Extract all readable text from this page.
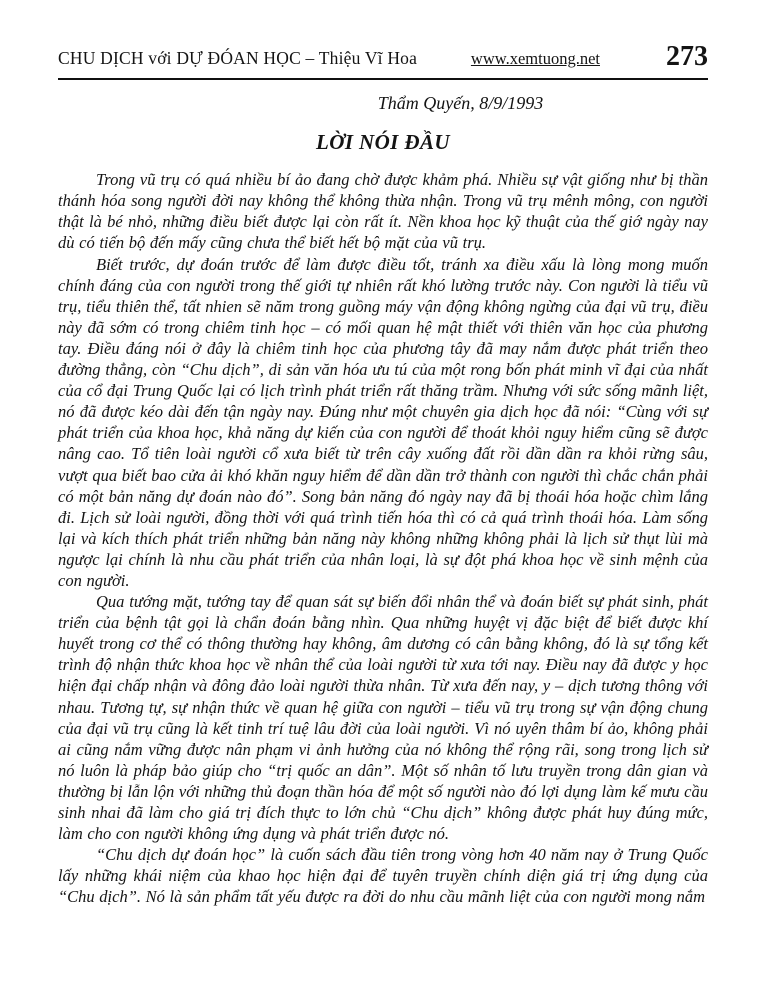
CHU DỊCH với DỰ ĐÓAN HỌC – Thiệu Vĩ Hoa	www.xemtuong.net 273
Thẩm Quyến, 8/9/1993
LỜI NÓI ĐẦU

Trong vũ trụ có quá nhiều bí ảo đang chờ được khảm phá. Nhiều sự vật giống như bị thần thánh hóa song người đời nay không thể không thừa nhận. Trong vũ trụ mênh mông, con người thật là bé nhỏ, những điều biết được lại còn rất ít. Nền khoa học kỹ thuật của thế giớ ngày nay dù có tiến bộ đến mấy cũng chưa thể biết hết bộ mặt của vũ trụ.

Biết trước, dự đoán trước để làm được điều tốt, tránh xa điều xấu là lòng mong muốn chính đáng của con người trong thế giới tự nhiên rất khó lường trước này. Con người là tiểu vũ trụ, tiểu thiên thể, tất nhien sẽ năm trong guồng máy vận động không ngừng của đại vũ trụ, điều này đã sớm có trong chiêm tinh học – có mối quan hệ mật thiết với thiên văn học của phương tay. Điều đáng nói ở đây là chiêm tinh học của phương tây đã may nắm được phát triển theo đường thẳng, còn “Chu dịch”, di sản văn hóa ưu tú của một rong bốn phát minh vĩ đại của nhất của cổ đại Trung Quốc lại có lịch trình phát triển rất thăng trầm. Nhưng với sức sống mãnh liệt, nó đã được kéo dài đến tận ngày nay. Đúng như một chuyên gia dịch học đã nói: “Cùng với sự phát triển của khoa học, khả năng dự kiến của con người để thoát khỏi nguy hiểm cũng sẽ được nâng cao. Tổ tiên loài người cổ xưa biết từ trên cây xuống đất rồi dần dần ra khỏi rừng sâu, vượt qua biết bao cửa ải khó khăn nguy hiểm để dần dần trở thành con người thì chắc chắn phải có một bản năng dự đoán nào đó”. Song bản năng đó ngày nay đã bị thoái hóa hoặc chìm lắng đi. Lịch sử loài người, đồng thời với quá trình tiến hóa thì có cả quá trình thoái hóa. Làm sống lại và kích thích phát triển những bản năng này không những không phải là lịch sử thụt lùi mà ngược lại chính là nhu cầu phát triển của nhân loại, là sự đột phá khoa học về sinh mệnh của con người.

Qua tướng mặt, tướng tay để quan sát sự biến đổi nhân thể và đoán biết sự phát sinh, phát triển của bệnh tật gọi là chẩn đoán bằng nhìn. Qua những huyệt vị đặc biệt để biết được khí huyết trong cơ thể có thông thường hay không, âm dương có cân bằng không, đó là sự tổng kết trình độ nhận thức khoa học về nhân thể của loài người từ xưa tới nay. Điều nay đã được y học hiện đại chấp nhận và đông đảo loài người thừa nhân. Từ xưa đến nay, y – dịch tương thông với nhau. Tương tự, sự nhận thức về quan hệ giữa con người – tiểu vũ trụ trong sự vận động chung của đại vũ trụ cũng là kết tinh trí tuệ lâu đời của loài người. Vì nó uyên thâm bí ảo, không phải ai cũng nắm vững được nân phạm vi ảnh hưởng của nó không thể rộng rãi, song trong lịch sử nó luôn là pháp bảo giúp cho “trị quốc an dân”. Một số nhân tố lưu truyền trong dân gian và thường bị lẫn lộn với những thủ đoạn thần hóa để một số người nào đó lợi dụng làm kế mưu cầu sinh nhai đã làm cho giá trị đích thực to lớn chủ “Chu dịch” không được phát huy đúng mức, làm cho con người không ứng dụng và phát triển được nó.

“Chu dịch dự đoán học” là cuốn sách đầu tiên trong vòng hơn 40 năm nay ở Trung Quốc lấy những khái niệm của khao học hiện đại để tuyên truyền chính diện giá trị ứng dụng của “Chu dịch”. Nó là sản phẩm tất yếu được ra đời do nhu cầu mãnh liệt của con người mong nắm
